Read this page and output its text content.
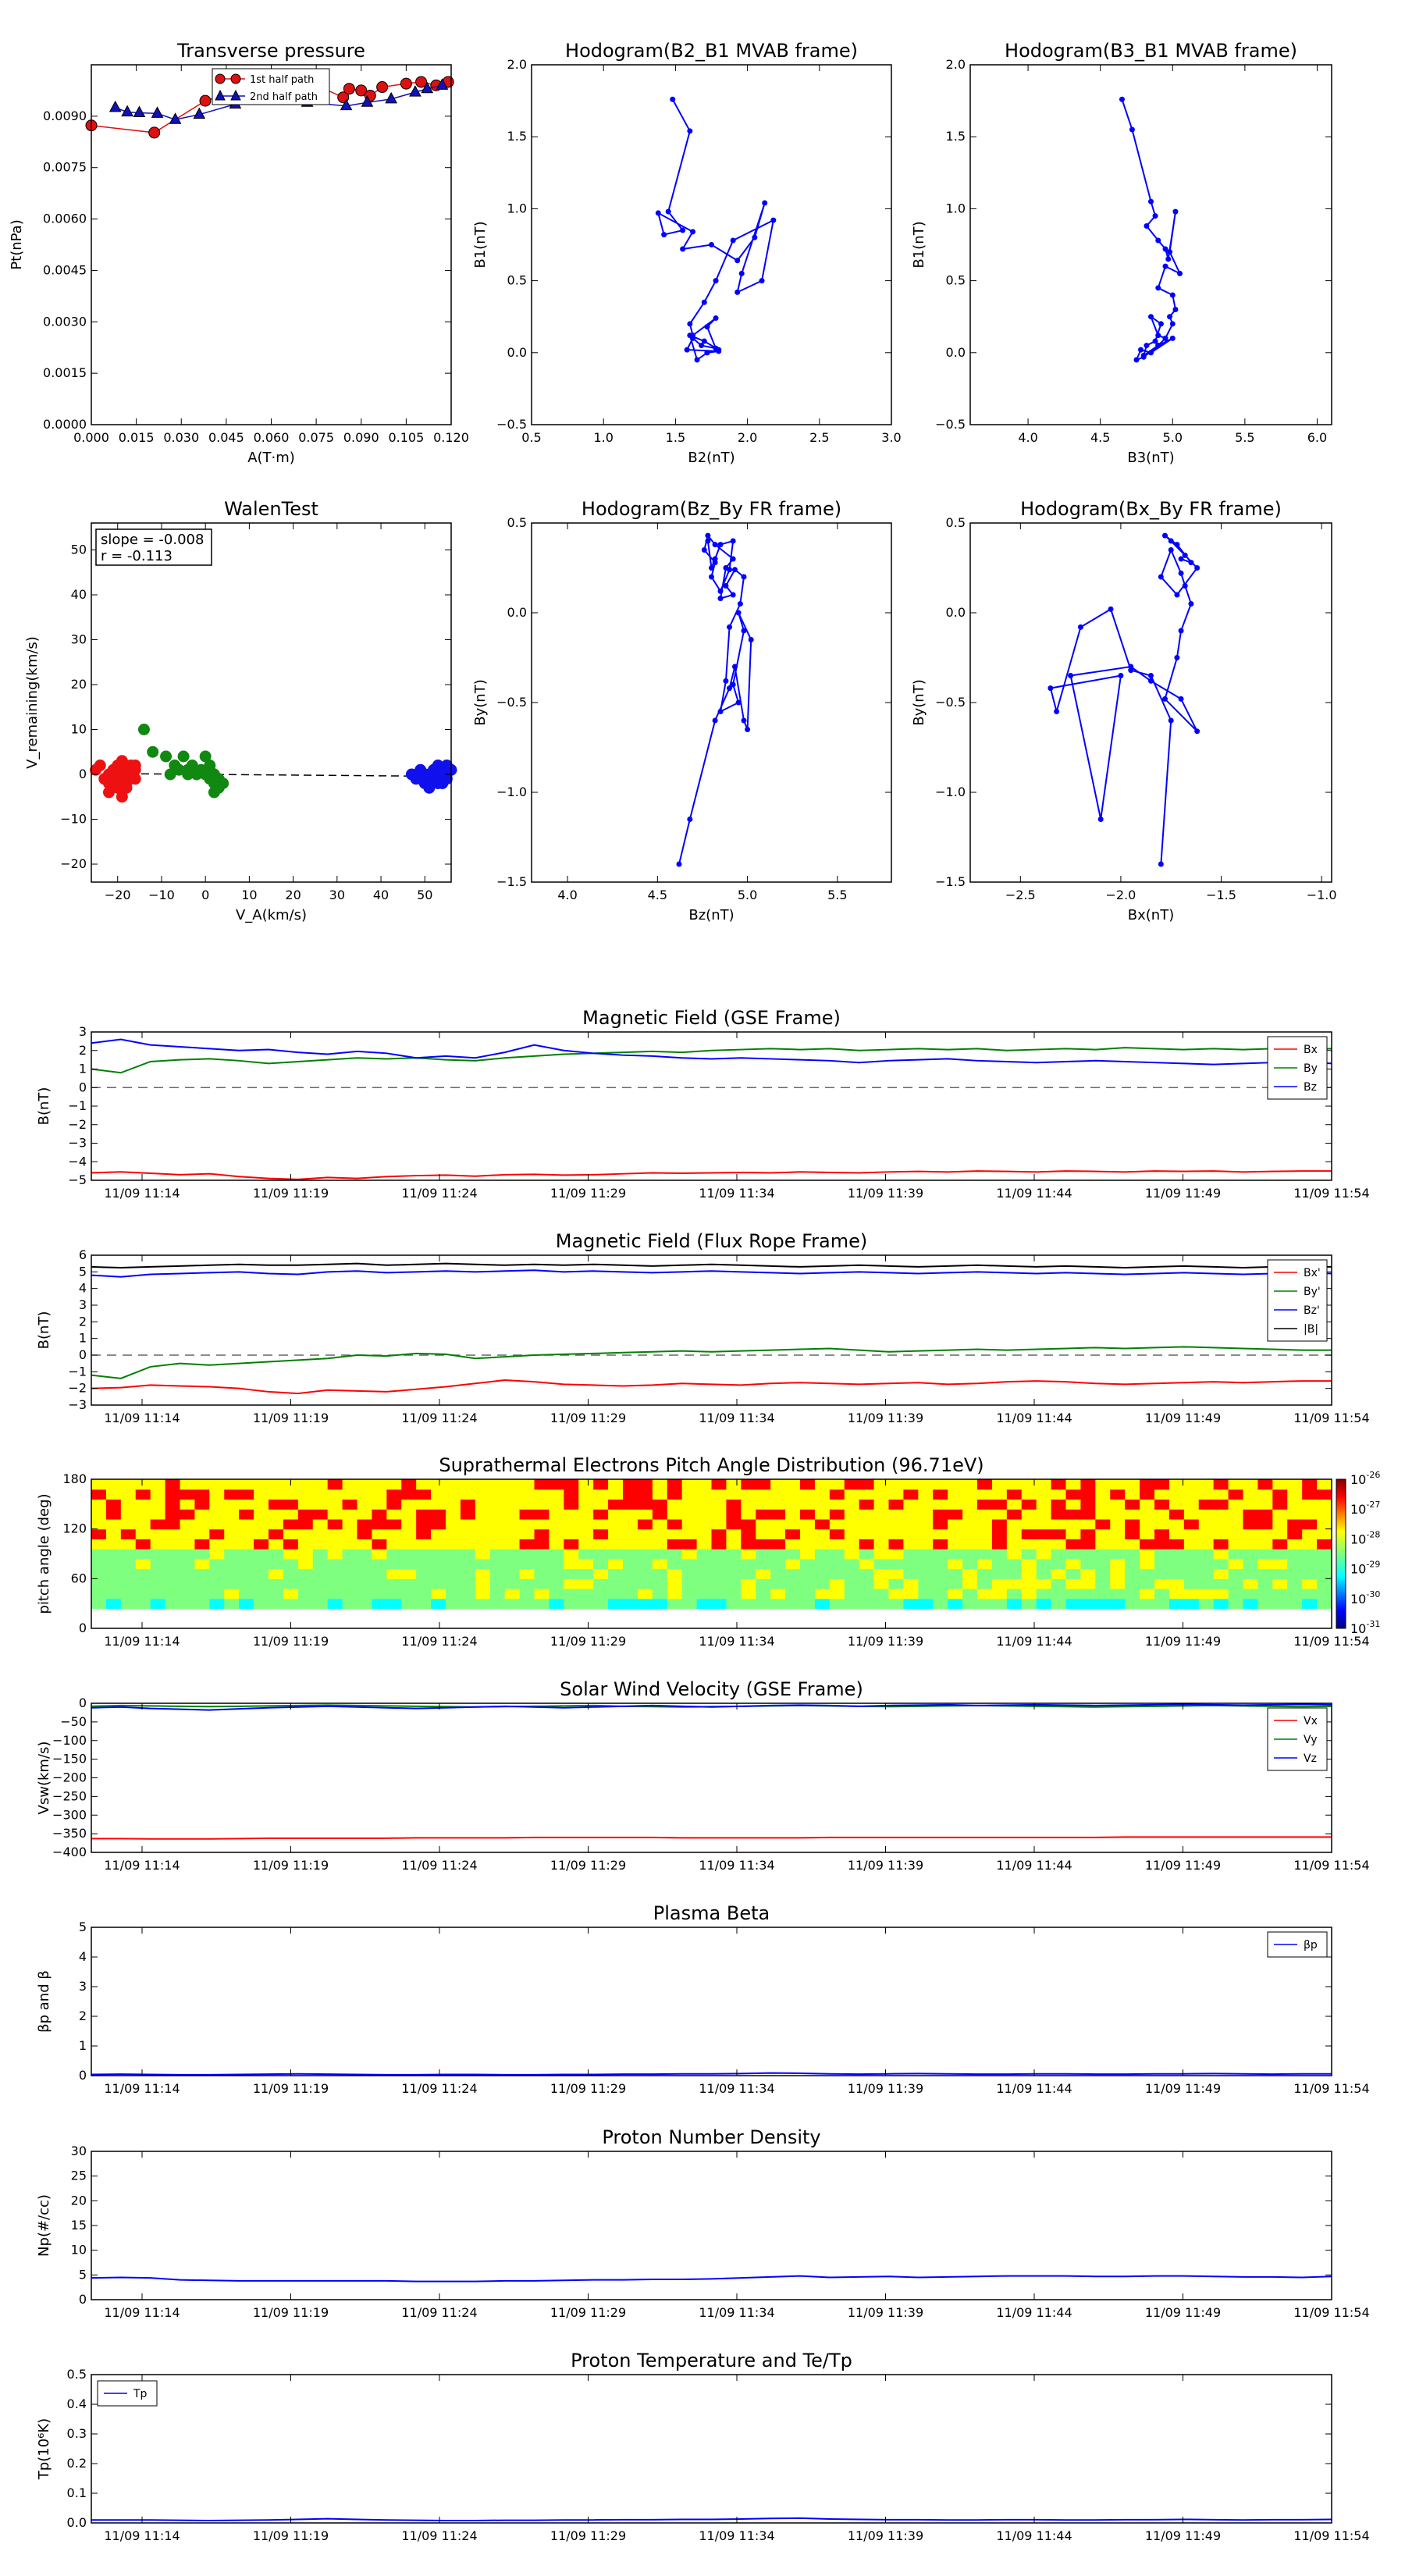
Transverse pressure
A(T·m)
Pt(nPa)
0.0000
0.0015
0.0030
0.0045
0.0060
0.0075
0.0090
0.000 0.015 0.030 0.045 0.060 0.075 0.090 0.105 0.120
1st half path
2nd half path
Hodogram(B2_B1 MVAB frame)
B2(nT)
B1(nT)
−0.5
0.0
0.5
1.0
1.5
2.0
0.5	1.0	1.5	2.0	2.5	3.0
Hodogram(B3_B1 MVAB frame)
B3(nT)
B1(nT)
−0.5
0.0
0.5
1.0
1.5
2.0
4.0	4.5	5.0	5.5	6.0
WalenTest
V_A(km/s)
V_remaining(km/s)
−20
−10
0
10
20
30
40
50
−20 −10 0	10 20 30 40 50
slope = -0.008
r = -0.113
Hodogram(Bz_By FR frame)
Bz(nT)
By(nT)
−1.5
−1.0
−0.5
0.0
0.5
4.0	4.5	5.0	5.5
Hodogram(Bx_By FR frame)
Bx(nT)
By(nT)
−1.5
−1.0
−0.5
0.0
0.5
−2.5	−2.0	−1.5	−1.0
Magnetic Field (GSE Frame)
B(nT)
−5
−4
−3
−2
−1
0
1
2
3
11/09 11:14	11/09 11:19	11/09 11:24	11/09 11:29	11/09 11:34	11/09 11:39	11/09 11:44	11/09 11:49	11/09 11:54
Bx
By
Bz
Magnetic Field (Flux Rope Frame)
B(nT)
−3
−2
−1
0
1
2
3
4
5
6
11/09 11:14	11/09 11:19	11/09 11:24	11/09 11:29	11/09 11:34	11/09 11:39	11/09 11:44	11/09 11:49	11/09 11:54
Bx'
By'
Bz'
|B|
Suprathermal Electrons Pitch Angle Distribution (96.71eV)
pitch angle (deg)
0
60
120
180
11/09 11:14	11/09 11:19	11/09 11:24	11/09 11:29	11/09 11:34	11/09 11:39	11/09 11:44	11/09 11:49	11/09 11:54
$10^{-26}$
$10^{-27}$
$10^{-28}$
$10^{-29}$
$10^{-30}$
$10^{-31}$
Solar Wind Velocity (GSE Frame)
Vsw(km/s)
−400
−350
−300
−250
−200
−150
−100
−50
0
11/09 11:14	11/09 11:19	11/09 11:24	11/09 11:29	11/09 11:34	11/09 11:39	11/09 11:44	11/09 11:49	11/09 11:54
Vx
Vy
Vz
Plasma Beta
βp and β
0
1
2
3
4
5
11/09 11:14	11/09 11:19	11/09 11:24	11/09 11:29	11/09 11:34	11/09 11:39	11/09 11:44	11/09 11:49	11/09 11:54
βp
Proton Number Density
Np(#/cc)
0
5
10
15
20
25
30
11/09 11:14	11/09 11:19	11/09 11:24	11/09 11:29	11/09 11:34	11/09 11:39	11/09 11:44	11/09 11:49	11/09 11:54
Proton Temperature and Te/Tp
Tp(10⁶K)
0.0
0.1
0.2
0.3
0.4
0.5
11/09 11:14	11/09 11:19	11/09 11:24	11/09 11:29	11/09 11:34	11/09 11:39	11/09 11:44	11/09 11:49	11/09 11:54
Tp
